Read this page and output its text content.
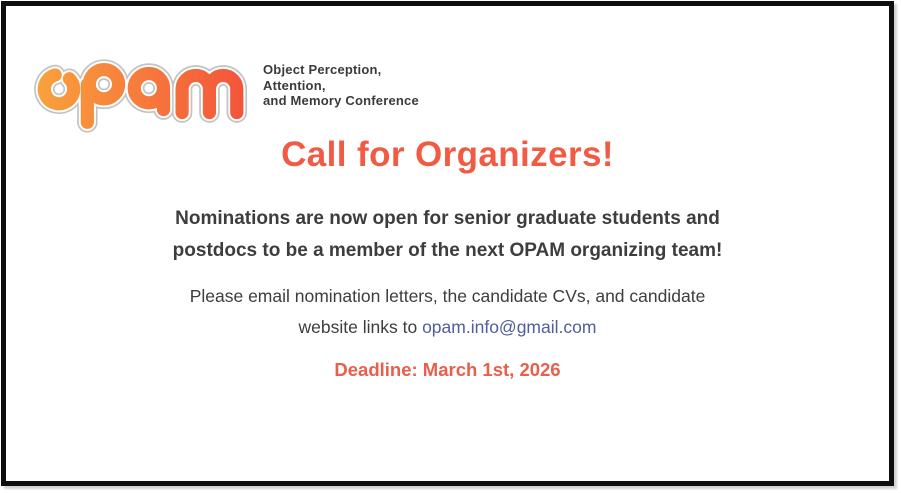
Object Perception,
Attention,
and Memory Conference
Call for Organizers!
Nominations are now open for senior graduate students and
postdocs to be a member of the next OPAM organizing team!
Please email nomination letters, the candidate CVs, and candidate
website links to opam.info@gmail.com
Deadline: March 1st, 2026
